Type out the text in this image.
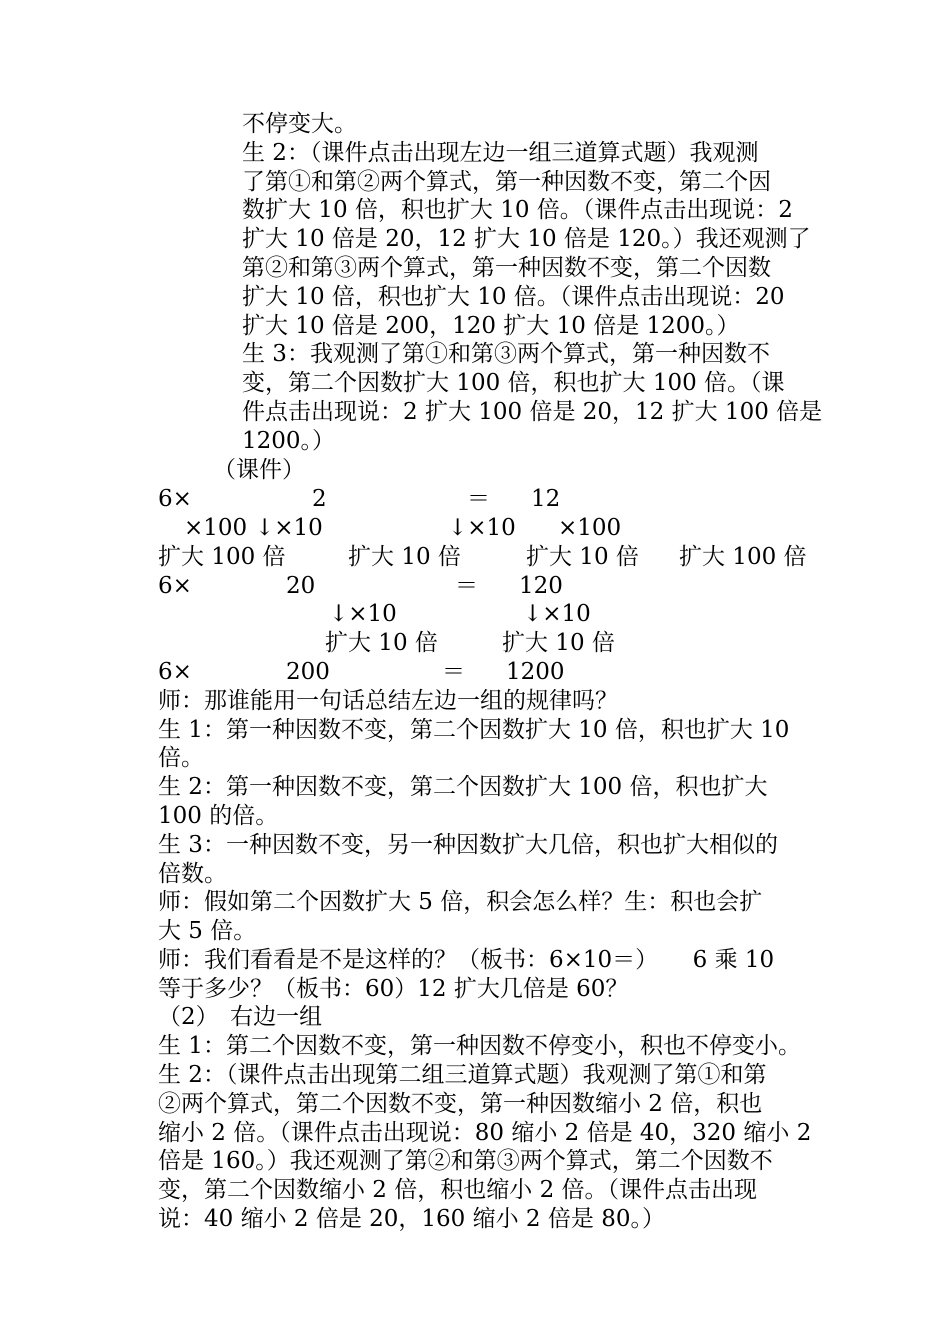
不停变大。
生 2：（课件点击出现左边一组三道算式题）我观测
了第①和第②两个算式，第一种因数不变，第二个因
数扩大 10 倍，积也扩大 10 倍。（课件点击出现说：2
扩大 10 倍是 20，12 扩大 10 倍是 120。）我还观测了
第②和第③两个算式，第一种因数不变，第二个因数
扩大 10 倍，积也扩大 10 倍。（课件点击出现说：20
扩大 10 倍是 200，120 扩大 10 倍是 1200。）
生 3：我观测了第①和第③两个算式，第一种因数不
变，第二个因数扩大 100 倍，积也扩大 100 倍。（课
件点击出现说：2 扩大 100 倍是 20，12 扩大 100 倍是
1200。）
（课件）
6×	2	＝ 12
×100 ↓×10	↓×10 ×100
扩大 100 倍	扩大 10 倍	扩大 10 倍 扩大 100 倍
6×	20	＝ 120
↓×10	↓×10
扩大 10 倍	扩大 10 倍
6×	200	＝ 1200
师：那谁能用一句话总结左边一组的规律吗？
生 1：第一种因数不变，第二个因数扩大 10 倍，积也扩大 10
倍。
生 2：第一种因数不变，第二个因数扩大 100 倍，积也扩大
100 的倍。
生 3：一种因数不变，另一种因数扩大几倍，积也扩大相似的
倍数。
师：假如第二个因数扩大 5 倍，积会怎么样？生：积也会扩
大 5 倍。
师：我们看看是不是这样的？（板书：6×10＝）　　6 乘 10
等于多少？（板书：60）12 扩大几倍是 60？
（2）　右边一组
生 1：第二个因数不变，第一种因数不停变小，积也不停变小。
生 2：（课件点击出现第二组三道算式题）我观测了第①和第
②两个算式，第二个因数不变，第一种因数缩小 2 倍，积也
缩小 2 倍。（课件点击出现说：80 缩小 2 倍是 40，320 缩小 2
倍是 160。）我还观测了第②和第③两个算式，第二个因数不
变，第二个因数缩小 2 倍，积也缩小 2 倍。（课件点击出现
说：40 缩小 2 倍是 20，160 缩小 2 倍是 80。）
